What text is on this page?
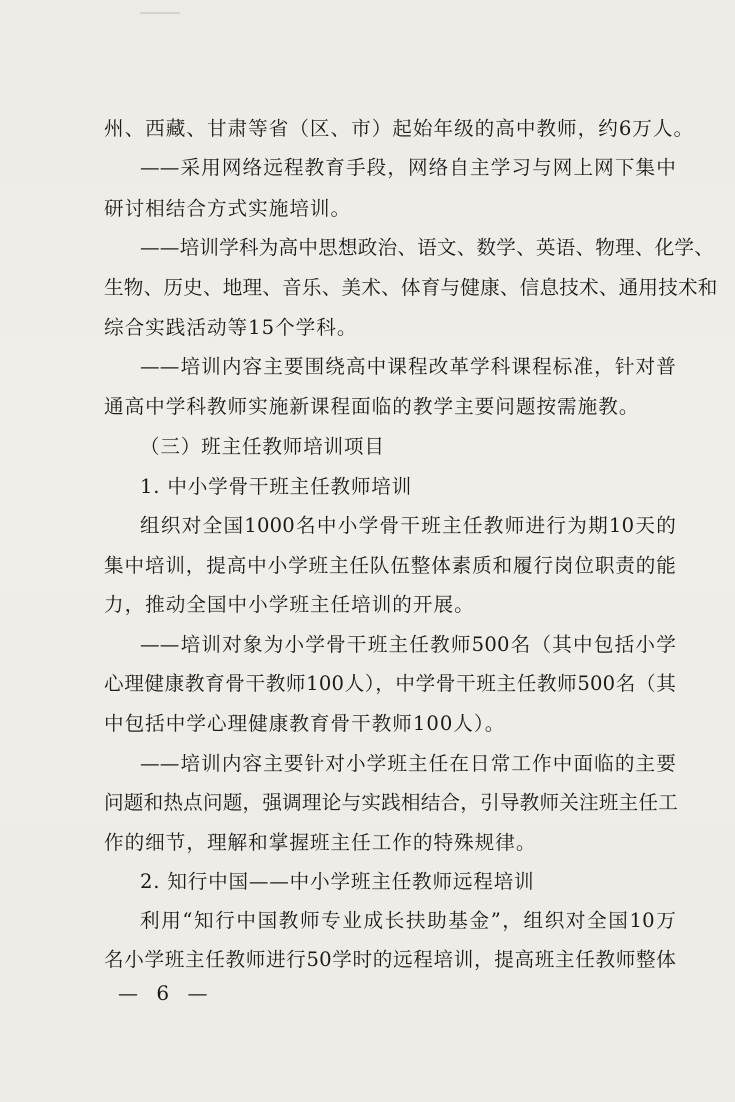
州、西藏、甘肃等省（区、市）起始年级的高中教师，约6万人。
——采用网络远程教育手段，网络自主学习与网上网下集中
研讨相结合方式实施培训。
——培训学科为高中思想政治、语文、数学、英语、物理、化学、
生物、历史、地理、音乐、美术、体育与健康、信息技术、通用技术和
综合实践活动等15个学科。
——培训内容主要围绕高中课程改革学科课程标准，针对普
通高中学科教师实施新课程面临的教学主要问题按需施教。
（三）班主任教师培训项目
1. 中小学骨干班主任教师培训
组织对全国1000名中小学骨干班主任教师进行为期10天的
集中培训，提高中小学班主任队伍整体素质和履行岗位职责的能
力，推动全国中小学班主任培训的开展。
——培训对象为小学骨干班主任教师500名（其中包括小学
心理健康教育骨干教师100人），中学骨干班主任教师500名（其
中包括中学心理健康教育骨干教师100人）。
——培训内容主要针对小学班主任在日常工作中面临的主要
问题和热点问题，强调理论与实践相结合，引导教师关注班主任工
作的细节，理解和掌握班主任工作的特殊规律。
2. 知行中国——中小学班主任教师远程培训
利用“知行中国教师专业成长扶助基金”，组织对全国10万
名小学班主任教师进行50学时的远程培训，提高班主任教师整体
— 6 —
